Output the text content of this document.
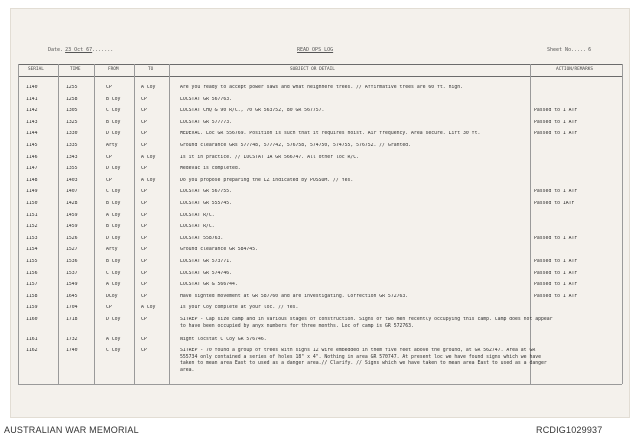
Date. 23 Oct 67.......	READ OPS LOG	Sheet No..... 6
SERIAL	TIME	FROM	TO	SUBJECT OR DETAIL	ACTION/REMARKS
1140	1255	CP	A Coy	Are you ready to accept power saws and what heighhere trees. // Affirmative trees are 60 ft. high.
1141	1258	B Coy	CP	LOCSTAT GR 567763.
1142	1305	C Coy	CP	LOCSTAT CHQ & 90 R/C., 70 GR 563752, 80 GR 567757.	Passed to 1 ATF
1143	1325	B Coy	CP	LOCSTAT GR 577773.	Passed to 1 ATF
1144	1330	D Coy	CP	MEDEVAC. Loc GR 556769. Position is such that it requires hoist. Air frequency. Area secure. Lift 30 ft.	Passed to 1 ATF
1145	1335	Arty	CP	Ground clearance GRs 577748, 577742, 576758, 574750, 574755, 576752. // Granted.
1146	1343	CP	A Coy	Is it in practice. // LOCSTAT 1A GR 566747. All other loc R/C.
1147	1355	D Coy	CP	Medevac is completed.
1148	1403	CP	A Coy	Do you propose preparing the LZ indicated by POSSUM. // Yes.
1149	1407	C Coy	CP	LOCSTAT GR 567755.	Passed to 1 ATF
1150	1428	B Coy	CP	LOCSTAT GR 555745.	Passed to 1ATF
1151	1459	A Coy	CP	LOCSTAT R/C.
1152	1459	B Coy	CP	LOCSTAT R/C.
1153	1526	D Coy	CP	LOCSTAT 558763.	Passed to 1 ATF
1154	1527	Arty	CP	Ground clearance GR 584745.
1155	1536	B Coy	CP	LOCSTAT GR 573771.	Passed to 1 ATF
1156	1537	C Coy	CP	LOCSTAT GR 574746.	Passed to 1 ATF
1157	1549	A Coy	CP	LOCSTAT GR & 566744.	Passed to 1 ATF
1158	1645	DCoy	CP	Have sighted movement at GR 587760 and are investigating. Correction GR 572763.	Passed to 1 ATF
1159	1704	CP	A Coy	Is your Coy complete at your loc. // Yes.
1160	1718	D Coy	CP	SITREP - Cap size camp and in various stages of construction. Signs of two men recently occupying this camp. Camp does not appear to have been occupied by anyx numbers for three months. Loc of camp is GR 572763.
1161	1732	A Coy	CP	Night locstat C Coy GR 576746.
1162	1740	C Coy	CP	SITREP - 70 found a group of trees with signs 12 wire embedded in them five feet above the ground, at GR 562747. Area at GR 555734 only contained a series of holes 18" x 4". Nothing in area GR 570747. At present loc we have found signs which we have taken to mean area East to used as a danger area.// Clarify. // Signs which we have taken to mean area East to used as a danger area.
AUSTRALIAN WAR MEMORIAL	RCDIG1029937
